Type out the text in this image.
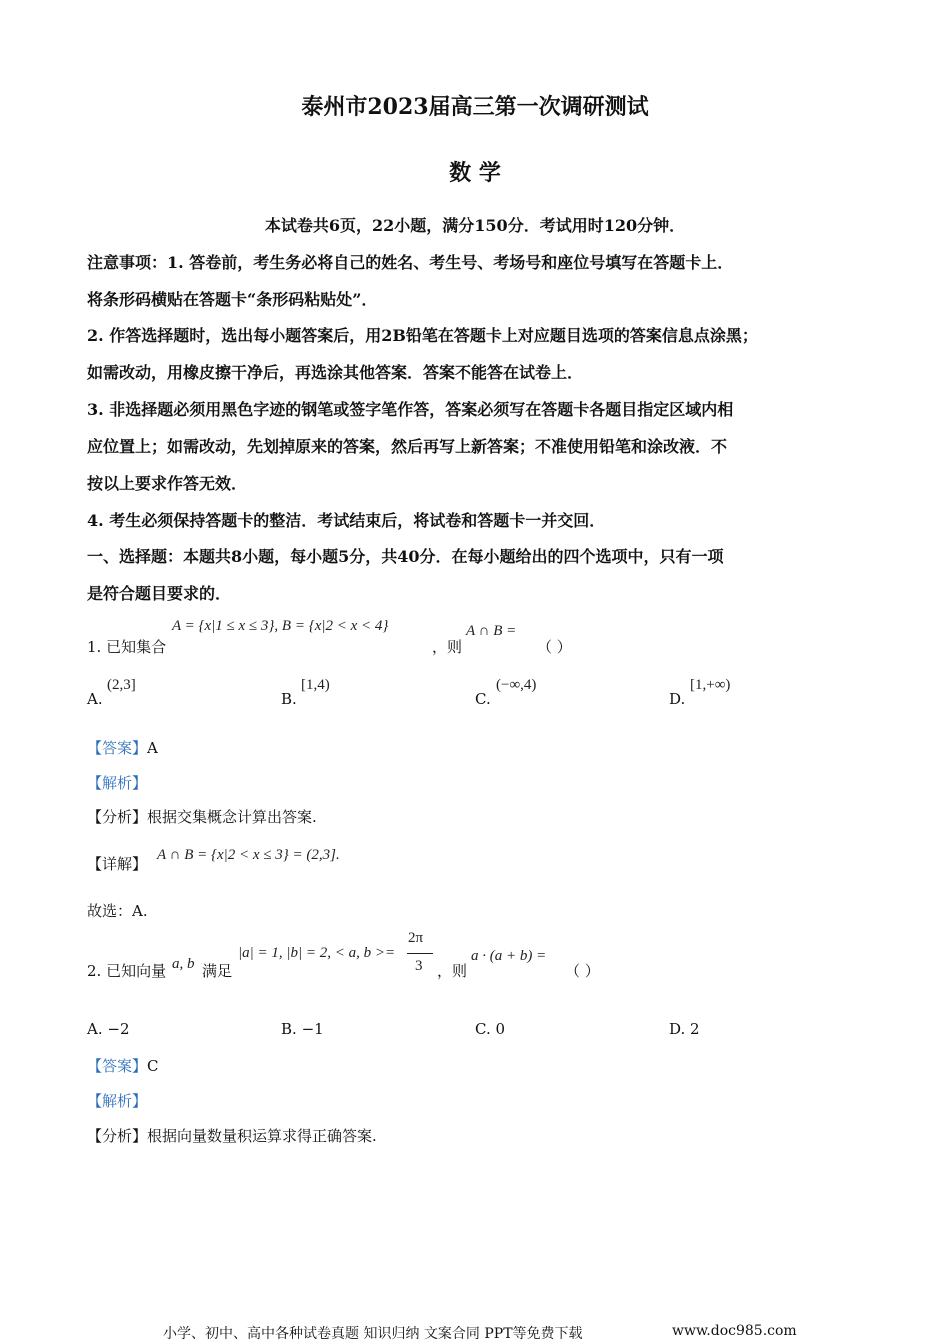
泰州市2023届高三第一次调研测试
数 学
本试卷共6页，22小题，满分150分．考试用时120分钟．
注意事项：1. 答卷前，考生务必将自己的姓名、考生号、考场号和座位号填写在答题卡上．
将条形码横贴在答题卡“条形码粘贴处”．
2. 作答选择题时，选出每小题答案后，用2B铅笔在答题卡上对应题目选项的答案信息点涂黑；
如需改动，用橡皮擦干净后，再选涂其他答案．答案不能答在试卷上．
3. 非选择题必须用黑色字迹的钢笔或签字笔作答，答案必须写在答题卡各题目指定区域内相
应位置上；如需改动，先划掉原来的答案，然后再写上新答案；不准使用铅笔和涂改液．不
按以上要求作答无效．
4. 考生必须保持答题卡的整洁．考试结束后，将试卷和答题卡一并交回．
一、选择题：本题共8小题，每小题5分，共40分．在每小题给出的四个选项中，只有一项
是符合题目要求的．
1. 已知集合
A = {x|1 ≤ x ≤ 3}, B = {x|2 < x < 4}
，则
A ∩ B =
（ ）
A.
(2,3]
B.
[1,4)
C.
(−∞,4)
D.
[1,+∞)
【答案】A
【解析】
【分析】根据交集概念计算出答案.
【详解】 A ∩ B = {x|2 < x ≤ 3} = (2,3].
故选：A.
2. 已知向量 a, b 满足
|a| = 1, |b| = 2, < a, b >=
2π
3 ，则
a · (a + b) =
（ ）
A. −2	B. −1	C. 0	D. 2
【答案】C
【解析】
【分析】根据向量数量积运算求得正确答案.
小学、初中、高中各种试卷真题 知识归纳 文案合同 PPT等免费下载	www.doc985.com
